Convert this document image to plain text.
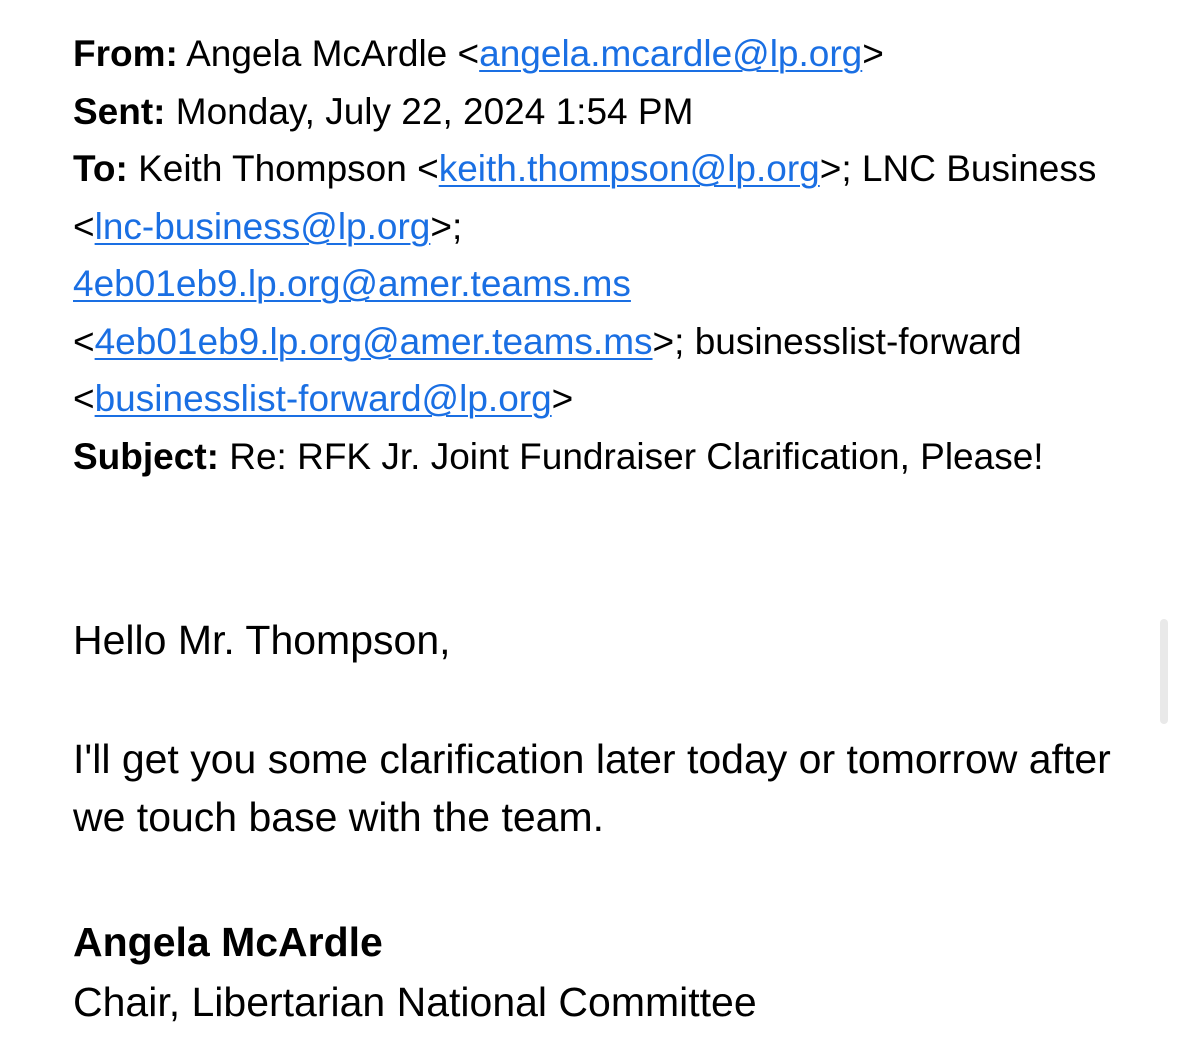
From: Angela McArdle <angela.mcardle@lp.org>

Sent: Monday, July 22, 2024 1:54 PM

To: Keith Thompson <keith.thompson@lp.org>; LNC Business <lnc-business@lp.org>;
4eb01eb9.lp.org@amer.teams.ms
<4eb01eb9.lp.org@amer.teams.ms>; businesslist-forward <businesslist-forward@lp.org>

Subject: Re: RFK Jr. Joint Fundraiser Clarification, Please!

Hello Mr. Thompson,

I'll get you some clarification later today or tomorrow after we touch base with the team.

Angela McArdle

Chair, Libertarian National Committee
